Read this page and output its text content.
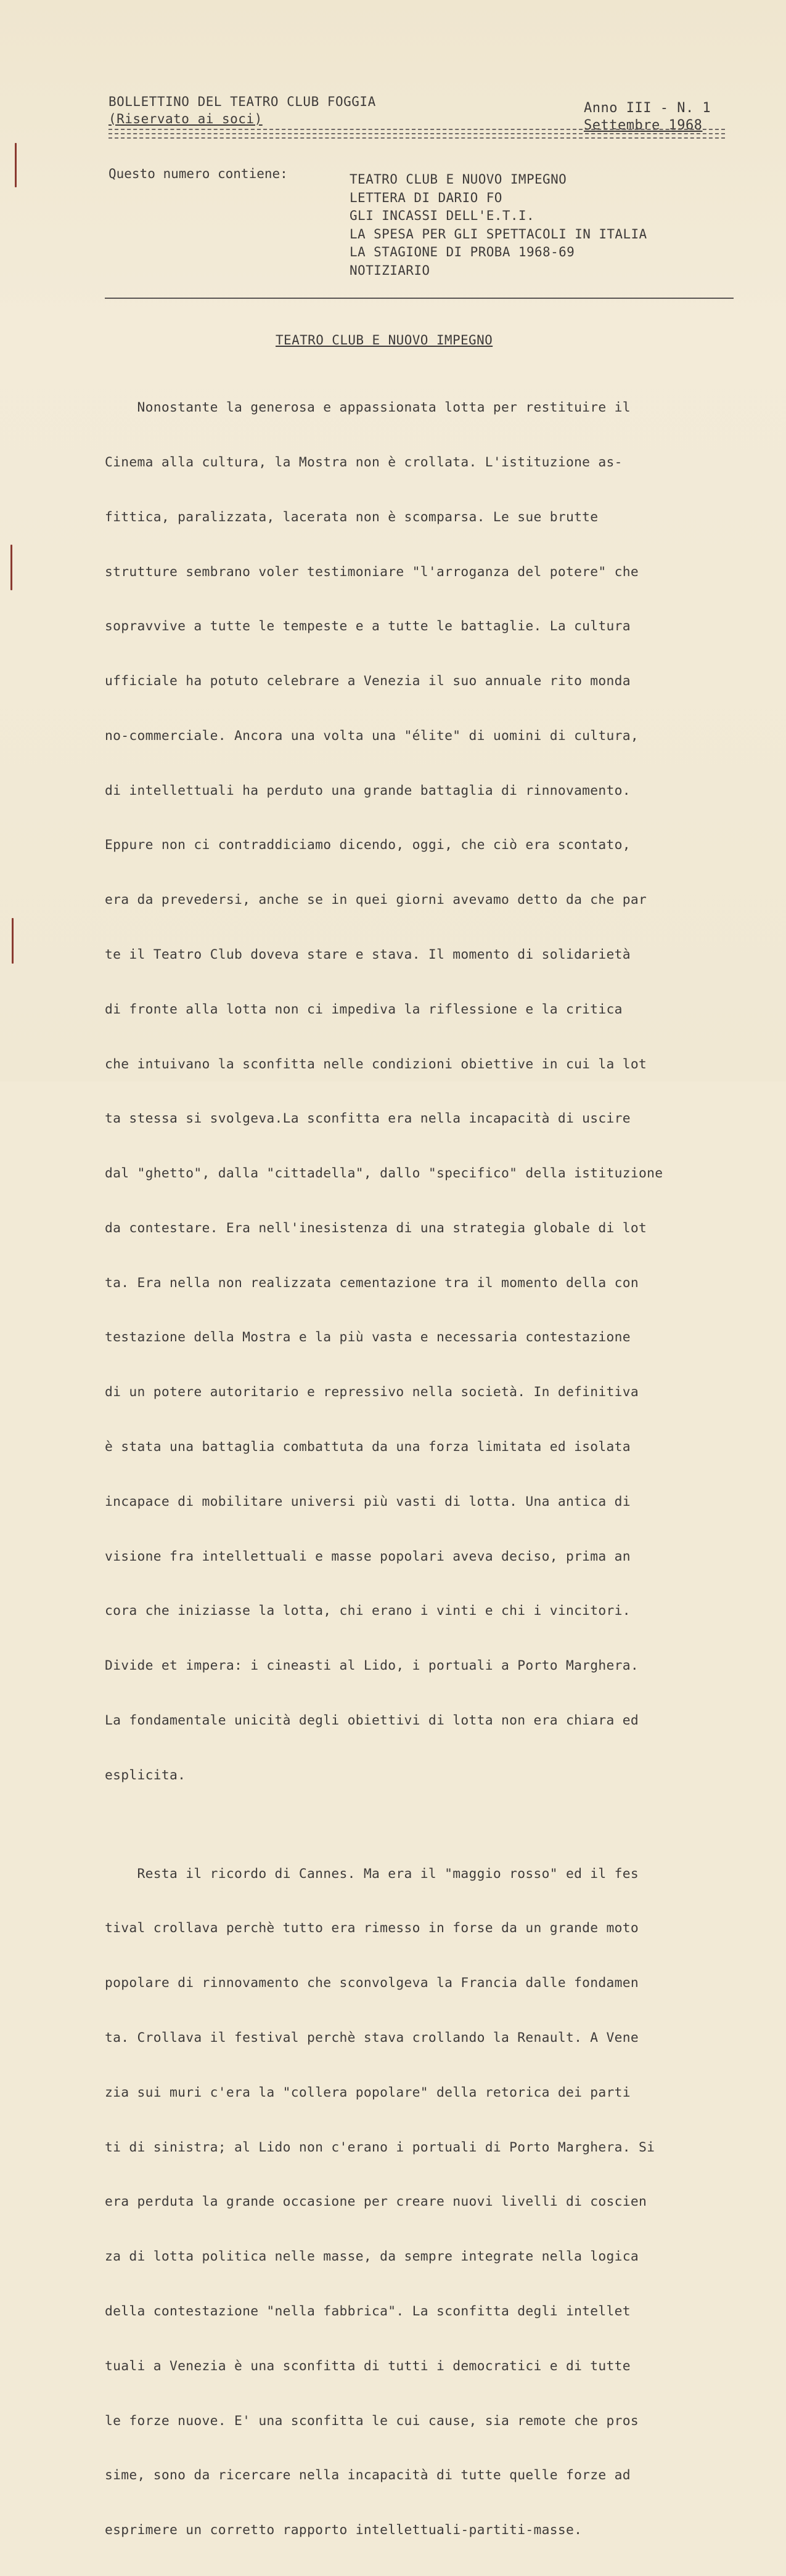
BOLLETTINO DEL TEATRO CLUB FOGGIA
(Riservato ai soci)
Anno III - N. 1
Settembre 1968
Questo numero contiene:	TEATRO CLUB E NUOVO IMPEGNO
LETTERA DI DARIO FO
GLI INCASSI DELL'E.T.I.
LA SPESA PER GLI SPETTACOLI IN ITALIA
LA STAGIONE DI PROBA 1968-69
NOTIZIARIO
TEATRO CLUB E NUOVO IMPEGNO

Nonostante la generosa e appassionata lotta per restituire il

Cinema alla cultura, la Mostra non è crollata. L'istituzione as-

fittica, paralizzata, lacerata non è scomparsa. Le sue brutte

strutture sembrano voler testimoniare "l'arroganza del potere" che

sopravvive a tutte le tempeste e a tutte le battaglie. La cultura

ufficiale ha potuto celebrare a Venezia il suo annuale rito monda

no-commerciale. Ancora una volta una "élite" di uomini di cultura,

di intellettuali ha perduto una grande battaglia di rinnovamento.

Eppure non ci contraddiciamo dicendo, oggi, che ciò era scontato,

era da prevedersi, anche se in quei giorni avevamo detto da che par

te il Teatro Club doveva stare e stava. Il momento di solidarietà

di fronte alla lotta non ci impediva la riflessione e la critica

che intuivano la sconfitta nelle condizioni obiettive in cui la lot

ta stessa si svolgeva.La sconfitta era nella incapacità di uscire

dal "ghetto", dalla "cittadella", dallo "specifico" della istituzione

da contestare. Era nell'inesistenza di una strategia globale di lot

ta. Era nella non realizzata cementazione tra il momento della con

testazione della Mostra e la più vasta e necessaria contestazione

di un potere autoritario e repressivo nella società. In definitiva

è stata una battaglia combattuta da una forza limitata ed isolata

incapace di mobilitare universi più vasti di lotta. Una antica di

visione fra intellettuali e masse popolari aveva deciso, prima an

cora che iniziasse la lotta, chi erano i vinti e chi i vincitori.

Divide et impera: i cineasti al Lido, i portuali a Porto Marghera.

La fondamentale unicità degli obiettivi di lotta non era chiara ed

esplicita.

Resta il ricordo di Cannes. Ma era il "maggio rosso" ed il fes

tival crollava perchè tutto era rimesso in forse da un grande moto

popolare di rinnovamento che sconvolgeva la Francia dalle fondamen

ta. Crollava il festival perchè stava crollando la Renault. A Vene

zia sui muri c'era la "collera popolare" della retorica dei parti

ti di sinistra; al Lido non c'erano i portuali di Porto Marghera. Si

era perduta la grande occasione per creare nuovi livelli di coscien

za di lotta politica nelle masse, da sempre integrate nella logica

della contestazione "nella fabbrica". La sconfitta degli intellet

tuali a Venezia è una sconfitta di tutti i democratici e di tutte

le forze nuove. E' una sconfitta le cui cause, sia remote che pros

sime, sono da ricercare nella incapacità di tutte quelle forze ad

esprimere un corretto rapporto intellettuali-partiti-masse.
